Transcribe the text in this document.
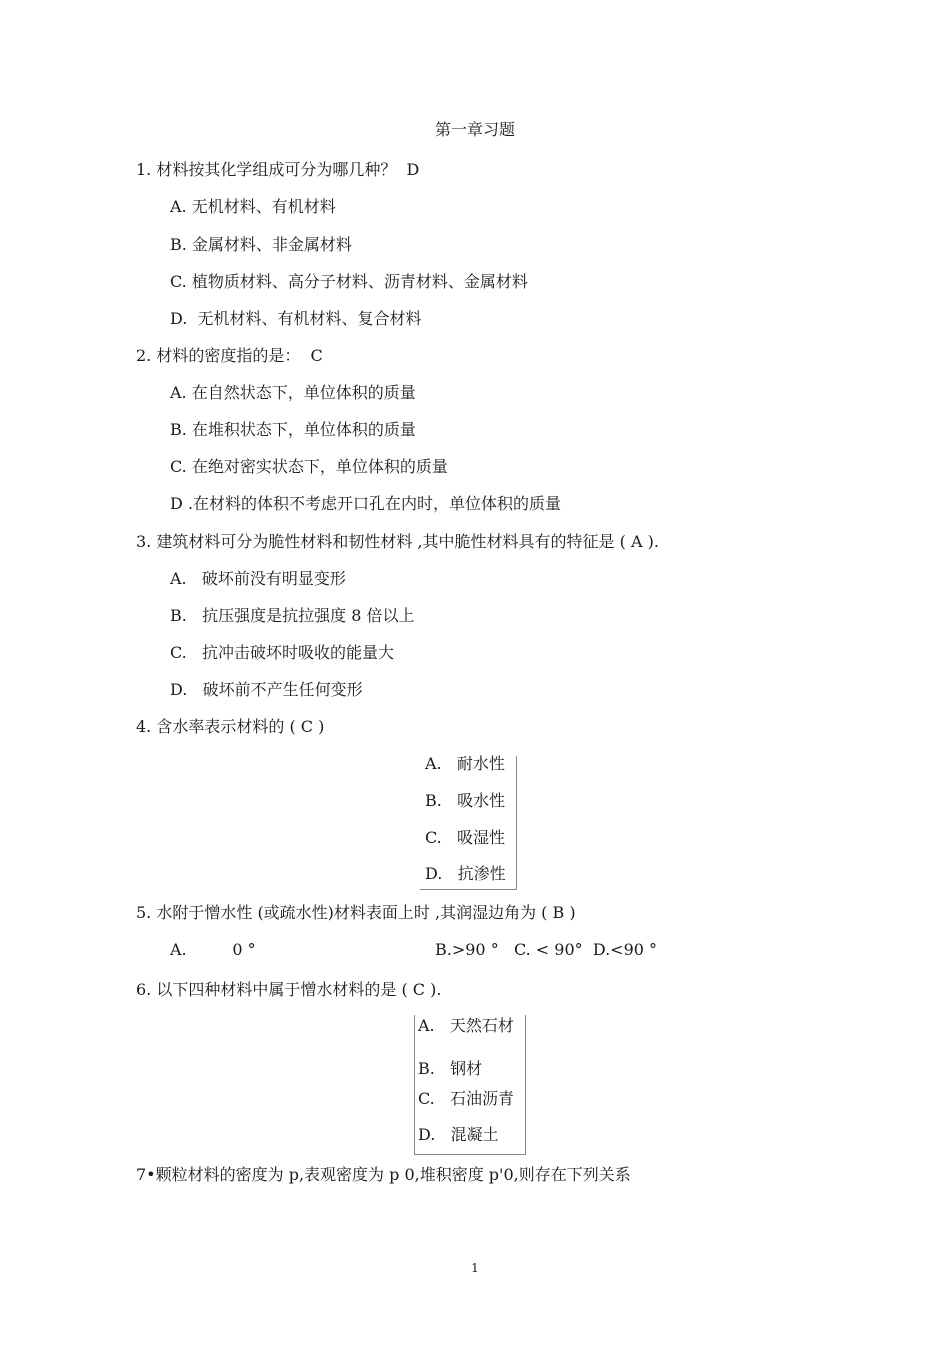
第一章习题
1. 材料按其化学组成可分为哪几种？  D
A. 无机材料、有机材料
B. 金属材料、非金属材料
C. 植物质材料、高分子材料、沥青材料、金属材料
D.  无机材料、有机材料、复合材料
2. 材料的密度指的是：  C
A. 在自然状态下，单位体积的质量
B. 在堆积状态下，单位体积的质量
C. 在绝对密实状态下，单位体积的质量
D .在材料的体积不考虑开口孔在内时，单位体积的质量
3. 建筑材料可分为脆性材料和韧性材料 ,其中脆性材料具有的特征是 ( A ).
A.   破坏前没有明显变形
B.   抗压强度是抗拉强度 8 倍以上
C.   抗冲击破坏时吸收的能量大
D.   破坏前不产生任何变形
4. 含水率表示材料的 ( C )
A.   耐水性
B.   吸水性
C.   吸湿性
D.   抗渗性
5. 水附于憎水性 (或疏水性)材料表面上时 ,其润湿边角为 ( B )
A.         0 °	B.>90 °   C. < 90°  D.<90 °
6. 以下四种材料中属于憎水材料的是 ( C ).
A.   天然石材
B.   钢材
C.   石油沥青
D.   混凝土
7•颗粒材料的密度为 p,表观密度为 p 0,堆积密度 p'0,则存在下列关系
1
